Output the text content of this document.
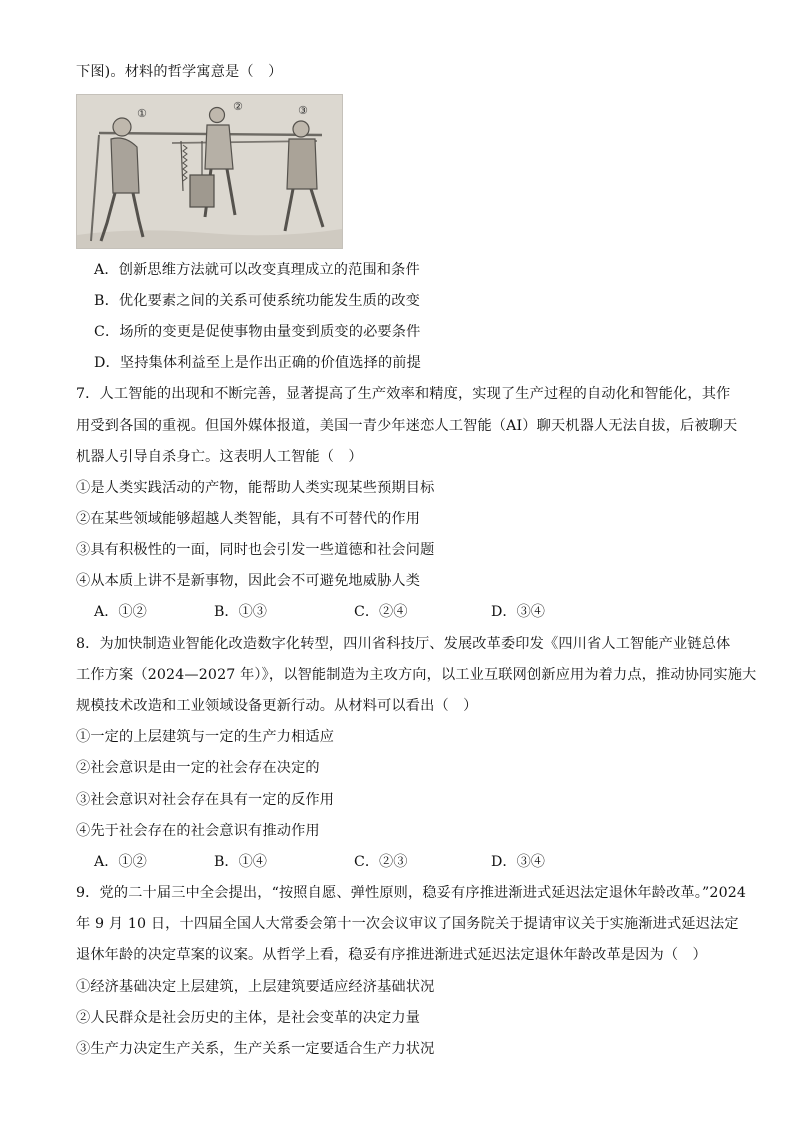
下图)。材料的哲学寓意是（　）
②	③
①
A．创新思维方法就可以改变真理成立的范围和条件
B．优化要素之间的关系可使系统功能发生质的改变
C．场所的变更是促使事物由量变到质变的必要条件
D．坚持集体利益至上是作出正确的价值选择的前提
7．人工智能的出现和不断完善，显著提高了生产效率和精度，实现了生产过程的自动化和智能化，其作
用受到各国的重视。但国外媒体报道，美国一青少年迷恋人工智能（AI）聊天机器人无法自拔，后被聊天
机器人引导自杀身亡。这表明人工智能（　）
①是人类实践活动的产物，能帮助人类实现某些预期目标
②在某些领域能够超越人类智能，具有不可替代的作用
③具有积极性的一面，同时也会引发一些道德和社会问题
④从本质上讲不是新事物，因此会不可避免地威胁人类
A．①②	B．①③	C．②④	D．③④
8．为加快制造业智能化改造数字化转型，四川省科技厅、发展改革委印发《四川省人工智能产业链总体
工作方案（2024—2027 年）》，以智能制造为主攻方向，以工业互联网创新应用为着力点，推动协同实施大
规模技术改造和工业领域设备更新行动。从材料可以看出（　）
①一定的上层建筑与一定的生产力相适应
②社会意识是由一定的社会存在决定的
③社会意识对社会存在具有一定的反作用
④先于社会存在的社会意识有推动作用
A．①②	B．①④	C．②③	D．③④
9．党的二十届三中全会提出，“按照自愿、弹性原则，稳妥有序推进渐进式延迟法定退休年龄改革。”2024
年 9 月 10 日，十四届全国人大常委会第十一次会议审议了国务院关于提请审议关于实施渐进式延迟法定
退休年龄的决定草案的议案。从哲学上看，稳妥有序推进渐进式延迟法定退休年龄改革是因为（　）
①经济基础决定上层建筑，上层建筑要适应经济基础状况
②人民群众是社会历史的主体，是社会变革的决定力量
③生产力决定生产关系，生产关系一定要适合生产力状况
